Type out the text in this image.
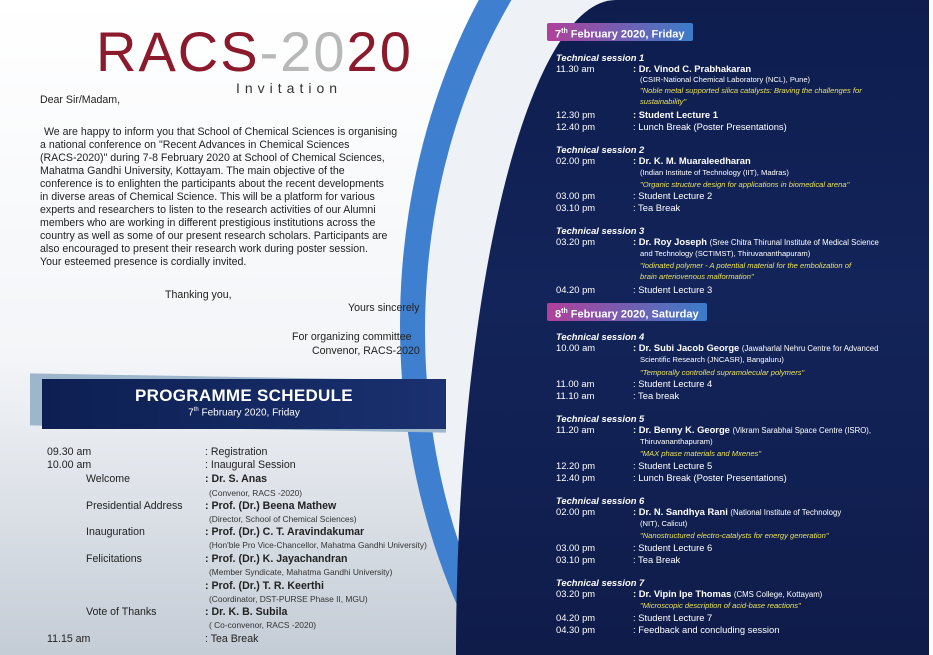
RACS-2020
Invitation

Dear Sir/Madam,

We are happy to inform you that School of Chemical Sciences is organising

a national conference on "Recent Advances in Chemical Sciences

(RACS-2020)" during 7-8 February 2020 at School of Chemical Sciences,

Mahatma Gandhi University, Kottayam. The main objective of the

conference is to enlighten the participants about the recent developments

in diverse areas of Chemical Science. This will be a platform for various

experts and researchers to listen to the research activities of our Alumni

members who are working in different prestigious institutions across the

country as well as some of our present research scholars. Participants are

also encouraged to present their research work during poster session.

Your esteemed presence is cordially invited.

Thanking you,
Yours sincerely
For organizing committee
Convenor, RACS-2020
PROGRAMME SCHEDULE
7th February 2020, Friday
09.30 am	: Registration
10.00 am	: Inaugural Session
Welcome	: Dr. S. Anas
(Convenor, RACS -2020)
Presidential Address : Prof. (Dr.) Beena Mathew
(Director, School of Chemical Sciences)
Inauguration	: Prof. (Dr.) C. T. Aravindakumar
(Hon'ble Pro Vice-Chancellor, Mahatma Gandhi University)
Felicitations	: Prof. (Dr.) K. Jayachandran
(Member Syndicate, Mahatma Gandhi University)
: Prof. (Dr.) T. R. Keerthi
(Coordinator, DST-PURSE Phase II, MGU)
Vote of Thanks	: Dr. K. B. Subila
( Co-convenor, RACS -2020)
11.15 am	: Tea Break
7th February 2020, Friday
Technical session 1
11.30 am	: Dr. Vinod C. Prabhakaran
(CSIR-National Chemical Laboratory (NCL), Pune)
"Noble metal supported silica catalysts: Braving the challenges for
sustainability"
12.30 pm	: Student Lecture 1
12.40 pm	: Lunch Break (Poster Presentations)
Technical session 2
02.00 pm	: Dr. K. M. Muaraleedharan
(Indian Institute of Technology (IIT), Madras)
"Organic structure design for applications in biomedical arena"
03.00 pm	: Student Lecture 2
03.10 pm	: Tea Break
Technical session 3
03.20 pm	: Dr. Roy Joseph (Sree Chitra Thirunal Institute of Medical Science
and Technology (SCTIMST), Thiruvananthapuram)
"Iodinated polymer - A potential material for the embolization of
brain arteriovenous malformation"
04.20 pm	: Student Lecture 3
8th February 2020, Saturday
Technical session 4
10.00 am	: Dr. Subi Jacob George (Jawaharlal Nehru Centre for Advanced
Scientific Research (JNCASR), Bangaluru)
"Temporally controlled supramolecular polymers"
11.00 am	: Student Lecture 4
11.10 am	: Tea break
Technical session 5
11.20 am	: Dr. Benny K. George (Vikram Sarabhai Space Centre (ISRO),
Thiruvananthapuram)
"MAX phase materials and Mxenes"
12.20 pm	: Student Lecture 5
12.40 pm	: Lunch Break (Poster Presentations)
Technical session 6
02.00 pm	: Dr. N. Sandhya Rani (National Institute of Technology
(NIT), Calicut)
"Nanostructured electro-catalysts for energy generation"
03.00 pm	: Student Lecture 6
03.10 pm	: Tea Break
Technical session 7
03.20 pm	: Dr. Vipin Ipe Thomas (CMS College, Kottayam)
"Microscopic description of acid-base reactions"
04.20 pm	: Student Lecture 7
04.30 pm	: Feedback and concluding session
